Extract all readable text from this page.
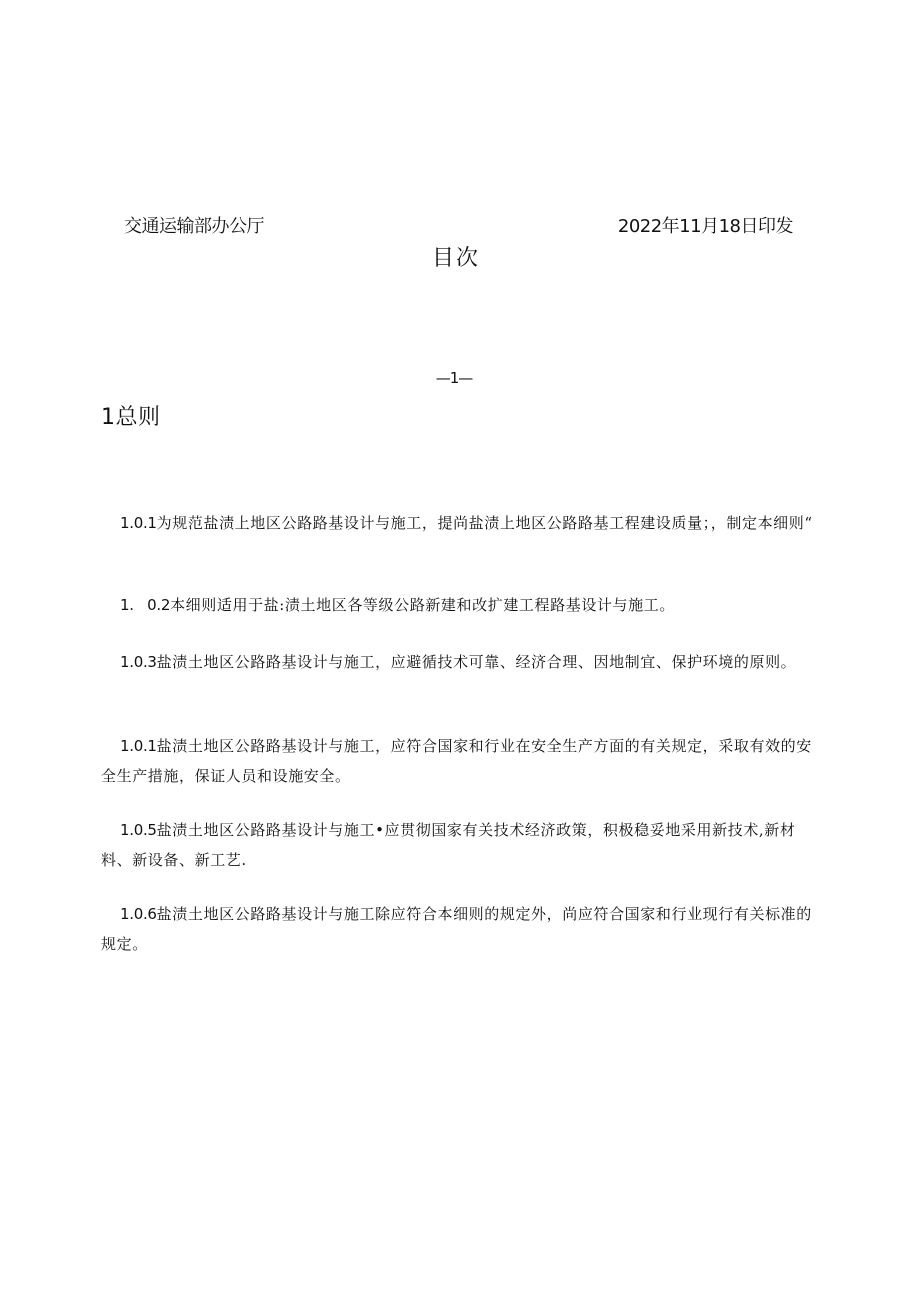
交通运输部办公厅	2022年11月18日印发
目次
—1—
1总则

1.0.1为规范盐渍上地区公路路基设计与施工，提尚盐渍上地区公路路基工程建设质量；，制定本细则“

1.   0.2本细则适用于盐:渍土地区各等级公路新建和改扩建工程路基设计与施工。

1.0.3盐渍土地区公路路基设计与施工，应避循技术可靠、经济合理、因地制宜、保护环境的原则。

1.0.1盐渍土地区公路路基设计与施工，应符合国家和行业在安全生产方面的有关规定，采取有效的安全生产措施，保证人员和设施安全。

1.0.5盐渍土地区公路路基设计与施工•应贯彻国家有关技术经济政策，积极稳妥地采用新技术,新材料、新设备、新工艺.

1.0.6盐渍土地区公路路基设计与施工除应符合本细则的规定外，尚应符合国家和行业现行有关标准的规定。
